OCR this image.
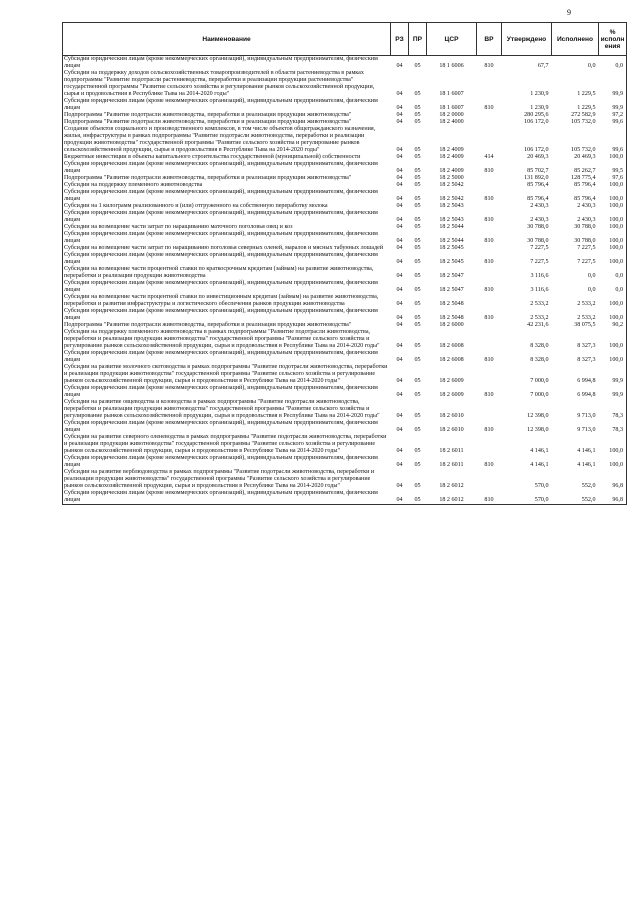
9
Наименование	РЗ	ПР	ЦСР	ВР	Утверждено	Исполнено	% исполн ения
Субсидии юридическим лицам (кроме некоммерческих организаций), индивидуальным предпринимателям, физическим лицам	04	05	18 1 6006	810	67,7	0,0	0,0
Субсидии на поддержку доходов сельскохозяйственных товаропроизводителей в области растениеводства в рамках подпрограммы "Развитие подотрасли растениеводства, переработки и реализации продукции растениеводства" государственной программы "Развитие сельского хозяйства и регулирование рынков сельскохозяйственной продукции, сырья и продовольствия в Республике Тыва на 2014-2020 годы"	04	05	18 1 6007		1 230,9	1 229,5	99,9
Субсидии юридическим лицам (кроме некоммерческих организаций), индивидуальным предпринимателям, физическим лицам	04	05	18 1 6007	810	1 230,9	1 229,5	99,9
Подпрограмма "Развитие подотрасли животноводства, переработки и реализации продукции животноводства"	04	05	18 2 0000		280 295,6	272 582,9	97,2
Подпрограмма "Развитие подотрасли животноводства, переработки и реализации продукции животноводства"	04	05	18 2 4000		106 172,0	105 732,0	99,6
Создание объектов социального и производственного комплексов, в том числе объектов общегражданского назначения, жилья, инфраструктуры в рамках подпрограммы "Развитие подотрасли животноводства, переработки и реализации продукции животноводства" государственной программы "Развитие сельского хозяйства и регулирование рынков сельскохозяйственной продукции, сырья и продовольствия в Республике Тыва на 2014-2020 годы"	04	05	18 2 4009		106 172,0	105 732,0	99,6
Бюджетные инвестиции в объекты капитального строительства государственной (муниципальной) собственности	04	05	18 2 4009	414	20 469,3	20 469,3	100,0
Субсидии юридическим лицам (кроме некоммерческих организаций), индивидуальным предпринимателям, физическим лицам	04	05	18 2 4009	810	85 702,7	85 262,7	99,5
Подпрограмма "Развитие подотрасли животноводства, переработки и реализации продукции животноводства"	04	05	18 2 5000		131 892,0	128 775,4	97,6
Субсидии на поддержку племенного животноводства	04	05	18 2 5042		85 796,4	85 796,4	100,0
Субсидии юридическим лицам (кроме некоммерческих организаций), индивидуальным предпринимателям, физическим лицам	04	05	18 2 5042	810	85 796,4	85 796,4	100,0
Субсидии на 1 килограмм реализованного и (или) отгруженного на собственную переработку молока	04	05	18 2 5043		2 430,3	2 430,3	100,0
Субсидии юридическим лицам (кроме некоммерческих организаций), индивидуальным предпринимателям, физическим лицам	04	05	18 2 5043	810	2 430,3	2 430,3	100,0
Субсидии на возмещение части затрат по наращиванию маточного поголовья овец и коз	04	05	18 2 5044		30 788,0	30 788,0	100,0
Субсидии юридическим лицам (кроме некоммерческих организаций), индивидуальным предпринимателям, физическим лицам	04	05	18 2 5044	810	30 788,0	30 788,0	100,0
Субсидии на возмещение части затрат по наращиванию поголовья северных оленей, маралов и мясных табунных лошадей	04	05	18 2 5045		7 227,5	7 227,5	100,0
Субсидии юридическим лицам (кроме некоммерческих организаций), индивидуальным предпринимателям, физическим лицам	04	05	18 2 5045	810	7 227,5	7 227,5	100,0
Субсидии на возмещение части процентной ставки по краткосрочным кредитам (займам) на развитие животноводства, переработки и реализации продукции животноводства	04	05	18 2 5047		3 116,6	0,0	0,0
Субсидии юридическим лицам (кроме некоммерческих организаций), индивидуальным предпринимателям, физическим лицам	04	05	18 2 5047	810	3 116,6	0,0	0,0
Субсидии на возмещение части процентной ставки по инвестиционным кредитам (займам) на развитие животноводства, переработки и развития инфраструктуры и логистического обеспечения рынков продукции животноводства	04	05	18 2 5048		2 533,2	2 533,2	100,0
Субсидии юридическим лицам (кроме некоммерческих организаций), индивидуальным предпринимателям, физическим лицам	04	05	18 2 5048	810	2 533,2	2 533,2	100,0
Подпрограмма "Развитие подотрасли животноводства, переработки и реализации продукции животноводства"	04	05	18 2 6000		42 231,6	38 075,5	90,2
Субсидии на поддержку племенного животноводства в рамках подпрограммы "Развитие подотрасли животноводства, переработки и реализации продукции животноводства" государственной программы "Развитие сельского хозяйства и регулирование рынков сельскохозяйственной продукции, сырья и продовольствия в Республике Тыва на 2014-2020 годы"	04	05	18 2 6008		8 328,0	8 327,3	100,0
Субсидии юридическим лицам (кроме некоммерческих организаций), индивидуальным предпринимателям, физическим лицам	04	05	18 2 6008	810	8 328,0	8 327,3	100,0
Субсидии на развитие молочного скотоводства в рамках подпрограммы "Развитие подотрасли животноводства, переработки и реализации продукции животноводства" государственной программы "Развитие сельского хозяйства и регулирование рынков сельскохозяйственной продукции, сырья и продовольствия в Республике Тыва на 2014-2020 годы"	04	05	18 2 6009		7 000,0	6 994,8	99,9
Субсидии юридическим лицам (кроме некоммерческих организаций), индивидуальным предпринимателям, физическим лицам	04	05	18 2 6009	810	7 000,0	6 994,8	99,9
Субсидии на развитие овцеводства и козоводства в рамках подпрограммы "Развитие подотрасли животноводства, переработки и реализации продукции животноводства" государственной программы "Развитие сельского хозяйства и регулирование рынков сельскохозяйственной продукции, сырья и продовольствия в Республике Тыва на 2014-2020 годы"	04	05	18 2 6010		12 398,0	9 713,0	78,3
Субсидии юридическим лицам (кроме некоммерческих организаций), индивидуальным предпринимателям, физическим лицам	04	05	18 2 6010	810	12 398,0	9 713,0	78,3
Субсидии на развитие северного оленеводства в рамках подпрограммы "Развитие подотрасли животноводства, переработки и реализации продукции животноводства" государственной программы "Развитие сельского хозяйства и регулирование рынков сельскохозяйственной продукции, сырья и продовольствия в Республике Тыва на 2014-2020 годы"	04	05	18 2 6011		4 146,1	4 146,1	100,0
Субсидии юридическим лицам (кроме некоммерческих организаций), индивидуальным предпринимателям, физическим лицам	04	05	18 2 6011	810	4 146,1	4 146,1	100,0
Субсидии на развитие верблюдоводства в рамках подпрограммы "Развитие подотрасли животноводства, переработки и реализации продукции животноводства" государственной программы "Развитие сельского хозяйства и регулирование рынков сельскохозяйственной продукции, сырья и продовольствия в Республике Тыва на 2014-2020 годы"	04	05	18 2 6012		570,0	552,0	96,8
Субсидии юридическим лицам (кроме некоммерческих организаций), индивидуальным предпринимателям, физическим лицам	04	05	18 2 6012	810	570,0	552,0	96,8
